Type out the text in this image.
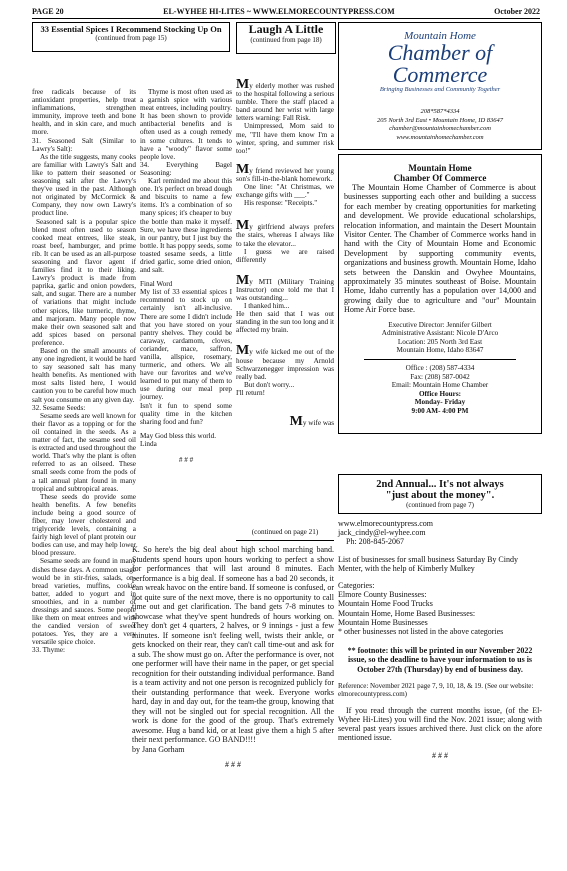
PAGE 20	EL-WYHEE HI-LITES ~ WWW.ELMORECOUNTYPRESS.COM	October 2022
33 Essential Spices I Recommend Stocking Up On
(continued from page 15)

free radicals because of its antioxidant properties, help treat inflammations, strengthen immunity, improve teeth and bone health, and in skin care, and much more.

31. Seasoned Salt (Similar to Lawry's Salt):

As the title suggests, many cooks are familiar with Lawry's Salt and like to pattern their seasoned or seasoning salt after the Lawry's they've used in the past. Although not originated by McCormick & Company, they now own Lawry's product line.

Seasoned salt is a popular spice blend most often used to season cooked meat entrees, like steak, roast beef, hamburger, and prime rib. It can be used as an all-purpose seasoning and flavor agent if families find it to their liking. Lawry's product is made from paprika, garlic and onion powders, salt, and sugar. There are a number of variations that might include other spices, like turmeric, thyme, and marjoram. Many people now make their own seasoned salt and add spices based on personal preference.

Based on the small amounts of any one ingredient, it would be hard to say seasoned salt has many health benefits. As mentioned with most salts listed here, I would caution you to be careful how much salt you consume on any given day.

32. Sesame Seeds:

Sesame seeds are well known for their flavor as a topping or for the oil contained in the seeds. As a matter of fact, the sesame seed oil is extracted and used throughout the world. That's why the plant is often referred to as an oilseed. These small seeds come from the pods of a tall annual plant found in many tropical and subtropical areas.

These seeds do provide some health benefits. A few benefits include being a good source of fiber, may lower cholesterol and triglyceride levels, containing a fairly high level of plant protein our bodies can use, and may help lower blood pressure.

Sesame seeds are found in many dishes these days. A common usage would be in stir-fries, salads, on-bread varieties, muffins, cookie batter, added to yogurt and in smoothies, and in a number of dressings and sauces. Some people like them on meat entrees and with the candied version of sweet potatoes. Yes, they are a very versatile spice choice.

33. Thyme:

Thyme is most often used as a garnish spice with various meat entrees, including poultry. It has been shown to provide antibacterial benefits and is often used as a cough remedy in some cultures. It tends to have a "woody" flavor some people love.

34. Everything Bagel Seasoning:

Karl reminded me about this one. It's perfect on bread dough and biscuits to name a few items. It's a combination of so many spices; it's cheaper to buy the bottle than make it myself. Sure, we have these ingredients in our pantry, but I just buy the bottle. It has poppy seeds, some toasted sesame seeds, a little dried garlic, some dried onion, and salt.

Final Word

My list of 33 essential spices I recommend to stock up on certainly isn't all-inclusive. There are some I didn't include that you have stored on your pantry shelves. They could be caraway, cardamom, cloves, coriander, mace, saffron, vanilla, allspice, rosemary, turmeric, and others. We all have our favorites and we've learned to put many of them to use during our meal prep journey.

Isn't it fun to spend some quality time in the kitchen sharing food and fun?

May God bless this world.

Linda

# # #

Laugh A Little
(continued from page 18)

My elderly mother was rushed to the hospital following a serious tumble. There the staff placed a band around her wrist with large letters warning: Fall Risk.

Unimpressed, Mom said to me, "I'll have them know I'm a winter, spring, and summer risk too!"

My friend reviewed her young son's fill-in-the-blank homework.

One line: "At Christmas, we exchange gifts with ___."

His response: "Receipts."

My girlfriend always prefers the stairs, whereas I always like to take the elevator...

I guess we are raised differently

My MTI (Military Training Instructor) once told me that I was outstanding...

I thanked him...

He then said that I was out standing in the sun too long and it affected my brain.

My wife kicked me out of the house because my Arnold Schwarzenegger impression was really bad.

But don't worry...

I'll return!

My wife was

(continued on page 21)

K. So here's the big deal about high school marching band. Students spend hours upon hours working to perfect a show for performances that will last around 8 minutes. Each performance is a big deal. If someone has a bad 20 seconds, it can wreak havoc on the entire band. If someone is confused, or not quite sure of the next move, there is no opportunity to call time out and get clarification. The band gets 7-8 minutes to showcase what they've spent hundreds of hours working on. They don't get 4 quarters, 2 halves, or 9 innings - just a few minutes. If someone isn't feeling well, twists their ankle, or gets knocked on their rear, they can't call time-out and ask for a sub. The show must go on. After the performance is over, not one performer will have their name in the paper, or get special recognition for their outstanding individual performance. Band is a team activity and not one person is recognized publicly for their outstanding performance that week. Everyone works hard, day in and day out, for the team-the group, knowing that they will not be singled out for special recognition. All the work is done for the good of the group. That's extremely awesome. Hug a band kid, or at least give them a high 5 after their next performance. GO BAND!!!!

by Jana Gorham

# # #

Mountain Home
Chamber of Commerce
Bringing Businesses and Community Together
208*587*4334
205 North 3rd East • Mountain Home, ID 83647
chamber@mountainhomechamber.com
www.mountainhomechamber.com
Mountain Home
Chamber Of Commerce

The Mountain Home Chamber of Commerce is about businesses supporting each other and building a success for each member by creating opportunities for marketing and development. We provide educational scholarships, relocation information, and maintain the Desert Mountain Visitor Center. The Chamber of Commerce works hand in hand with the City of Mountain Home and Economic Development by supporting community events, organizations and business growth. Mountain Home, Idaho sets between the Danskin and Owyhee Mountains, approximately 35 minutes southeast of Boise. Mountain Home, Idaho currently has a population over 14,000 and growing daily due to agriculture and "our" Mountain Home Air Force base.

Executive Director: Jennifer Gilbert
Administrative Assistant: Nicole D'Arco
Location: 205 North 3rd East
Mountain Home, Idaho 83647
Office : (208) 587-4334
Fax: (208) 587-0042
Email: Mountain Home Chamber
Office Hours:
Monday- Friday
9:00 AM- 4:00 PM
2nd Annual... It's not always
"just about the money".
(continued from page 7)
www.elmorecountypress.com
jack_cindy@el-wyhee.com
Ph: 208-845-2067

List of businesses for small business Saturday By Cindy Menter, with the help of Kimberly Mulkey

Categories:

Elmore County Businesses:
Mountain Home Food Trucks
Mountain Home, Home Based Businesses:
Mountain Home Businesses
* other businesses not listed in the above categories

** footnote: this will be printed in our November 2022 issue, so the deadline to have your information to us is October 27th (Thursday) by end of business day.

Reference: November 2021 page 7, 9, 10, 18, & 19. (See our website: elmorecountypress.com)

If you read through the current months issue, (of the El-Wyhee Hi-Lites) you will find the Nov. 2021 issue; along with several past years issues archived there. Just click on the afore mentioned issue.

# # #
